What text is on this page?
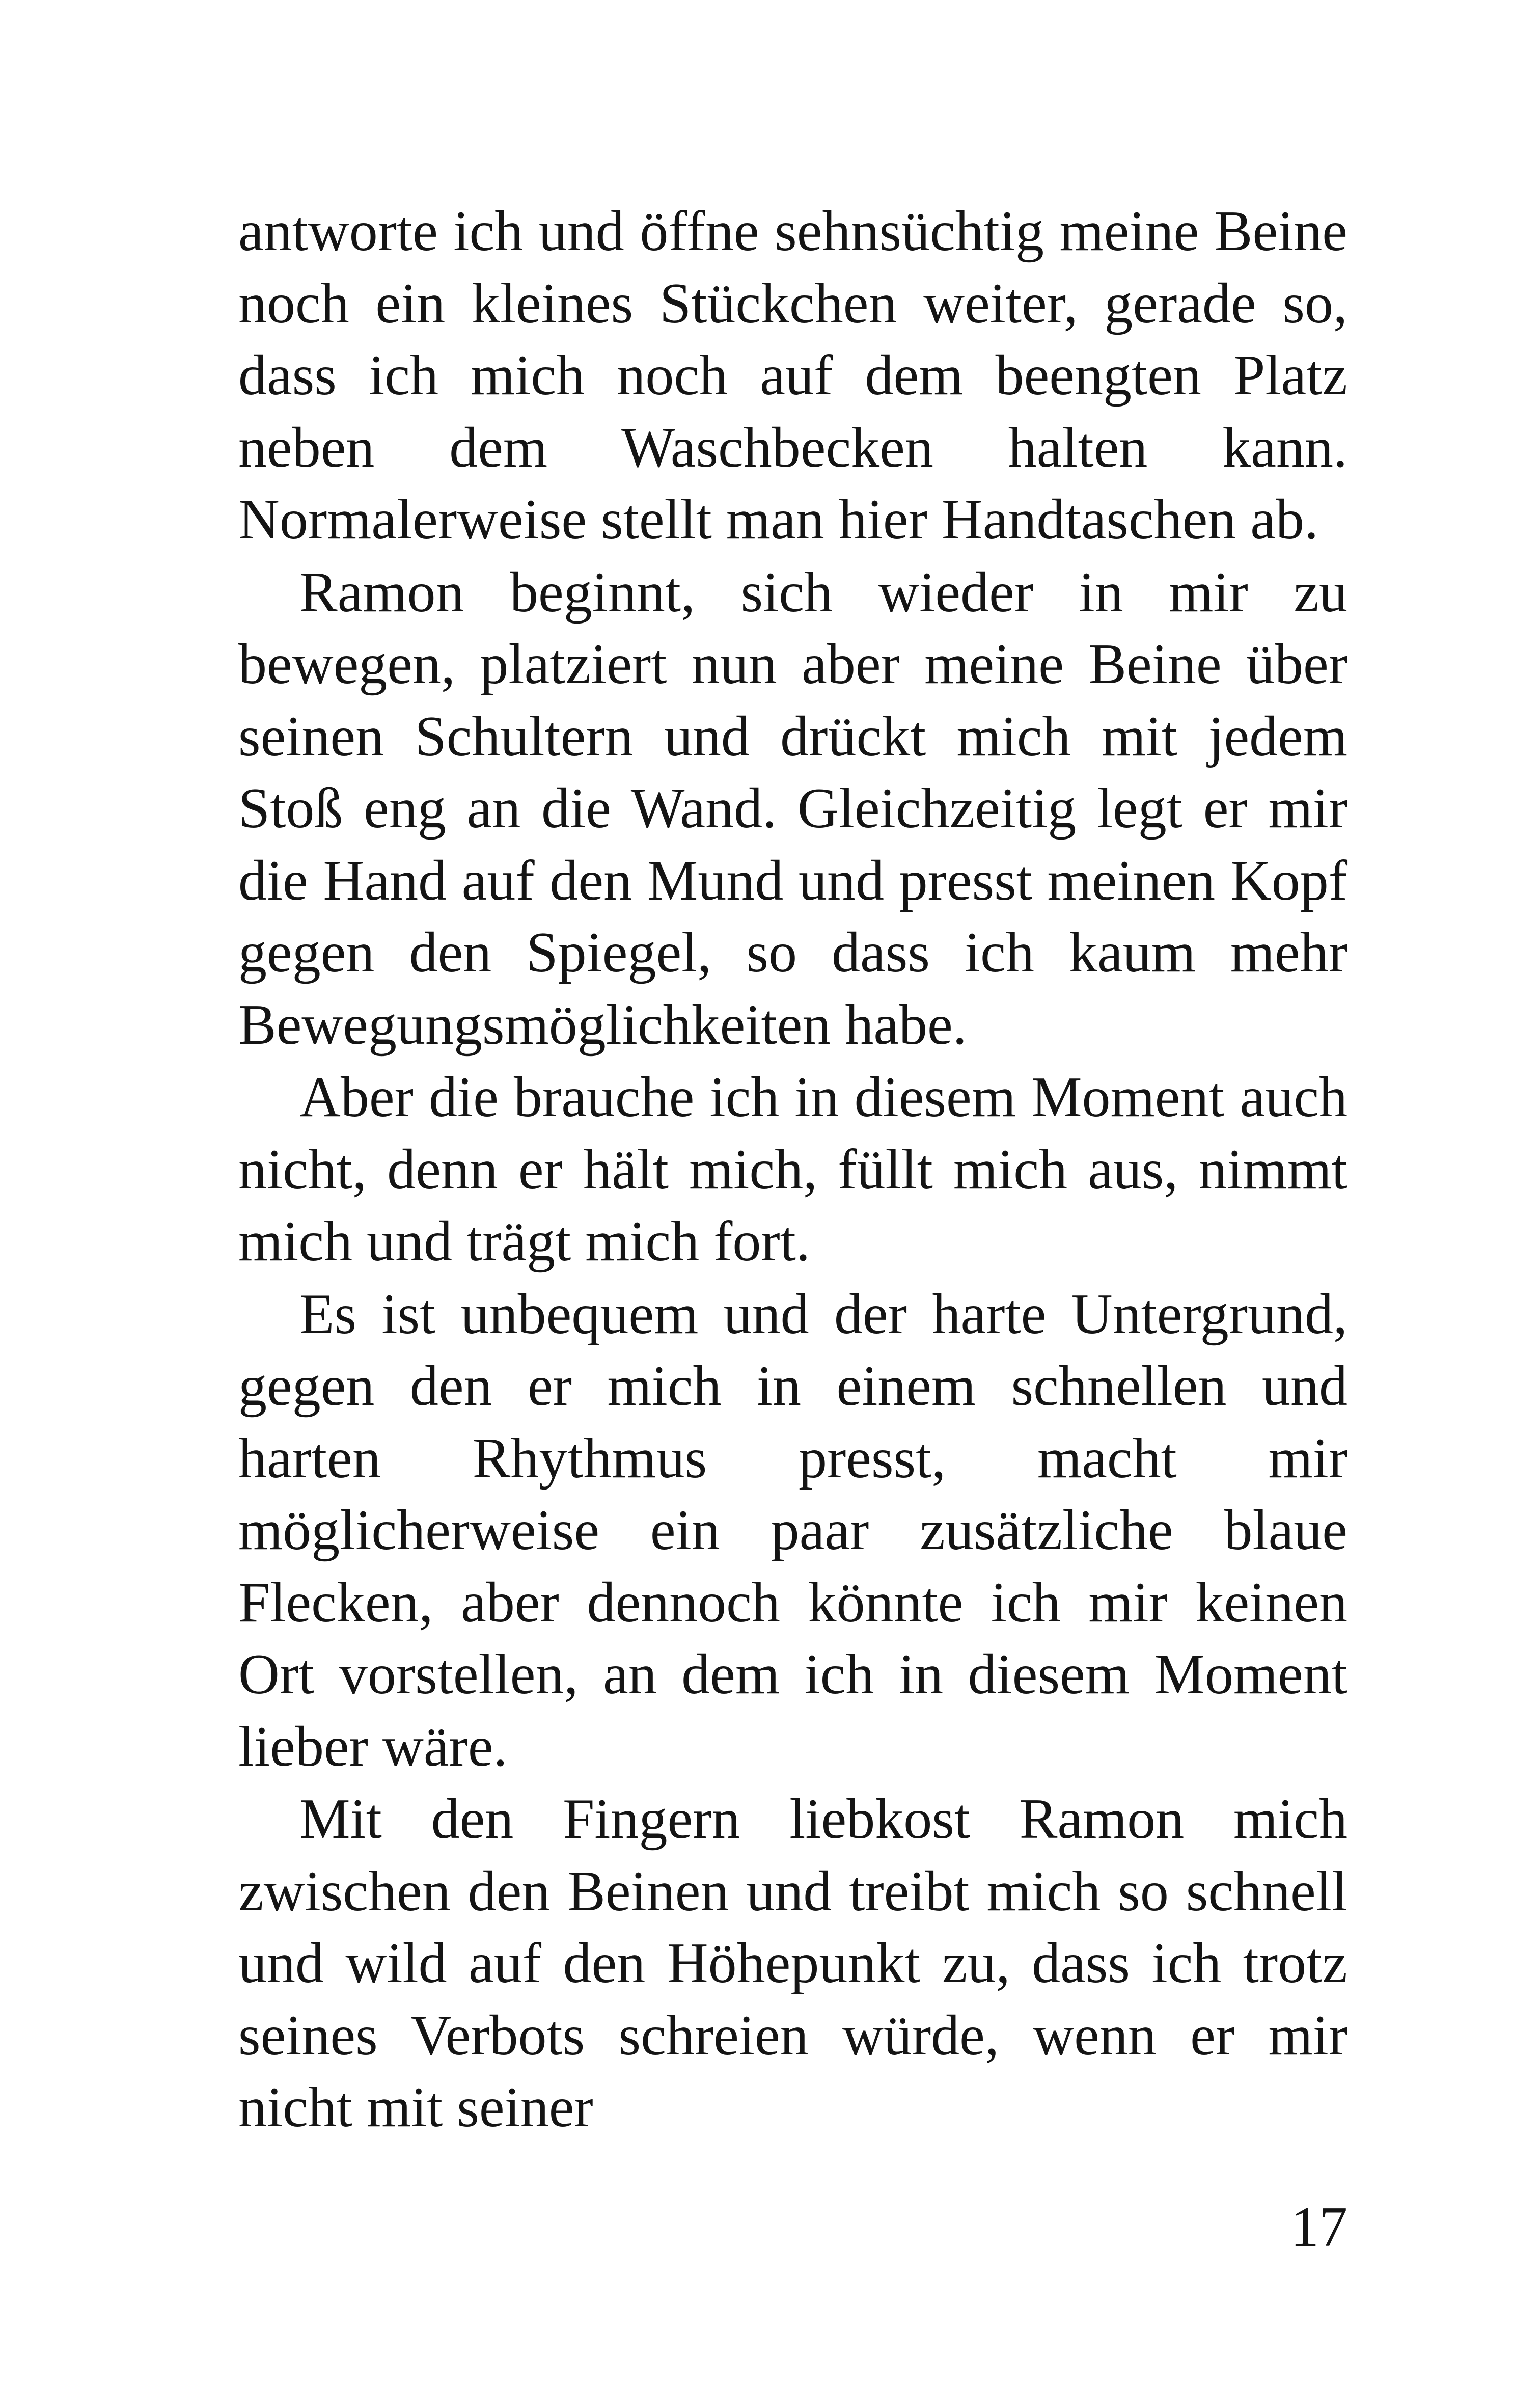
antworte ich und öffne sehnsüchtig meine Beine noch ein kleines Stückchen weiter, gerade so, dass ich mich noch auf dem beengten Platz neben dem Waschbecken halten kann. Normalerweise stellt man hier Handtaschen ab.

Ramon beginnt, sich wieder in mir zu bewegen, platziert nun aber meine Beine über seinen Schultern und drückt mich mit jedem Stoß eng an die Wand. Gleichzeitig legt er mir die Hand auf den Mund und presst meinen Kopf gegen den Spiegel, so dass ich kaum mehr Bewegungsmöglichkeiten habe.

Aber die brauche ich in diesem Moment auch nicht, denn er hält mich, füllt mich aus, nimmt mich und trägt mich fort.

Es ist unbequem und der harte Untergrund, gegen den er mich in einem schnellen und harten Rhythmus presst, macht mir möglicherweise ein paar zusätzliche blaue Flecken, aber dennoch könnte ich mir keinen Ort vorstellen, an dem ich in diesem Moment lieber wäre.

Mit den Fingern liebkost Ramon mich zwischen den Beinen und treibt mich so schnell und wild auf den Höhepunkt zu, dass ich trotz seines Verbots schreien würde, wenn er mir nicht mit seiner

17
